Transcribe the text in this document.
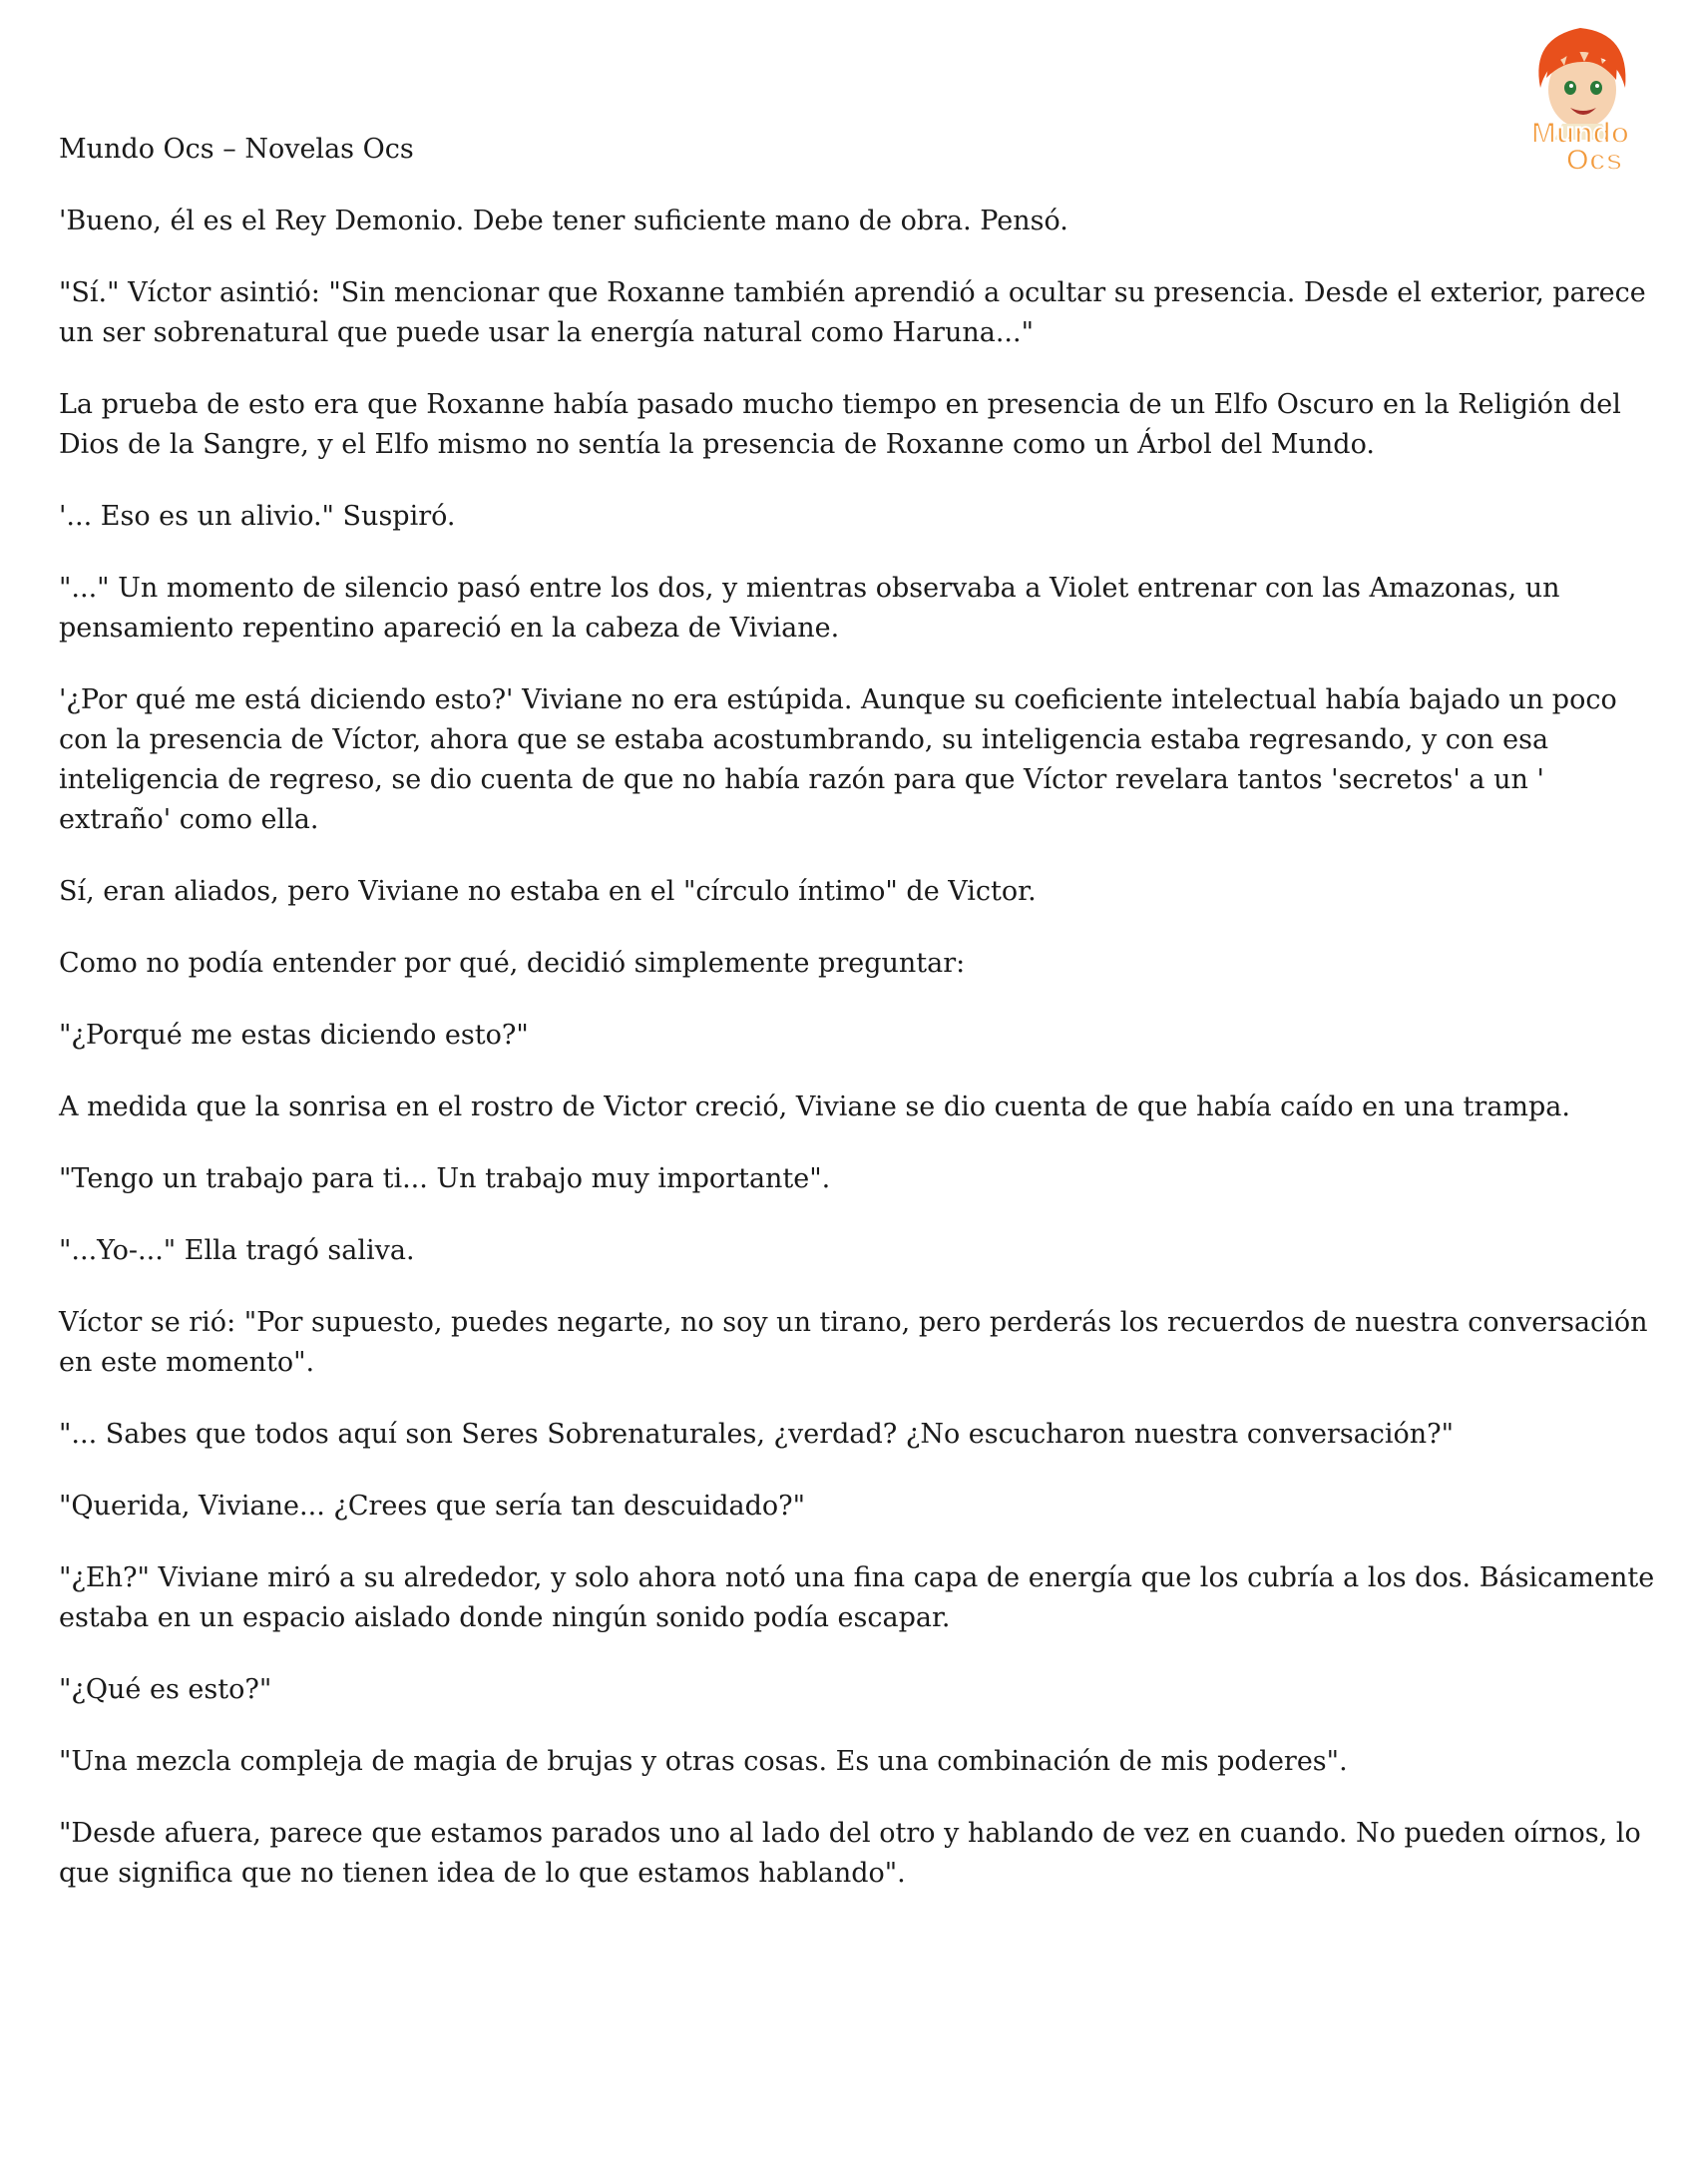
Mundo
Ocs
Mundo Ocs – Novelas Ocs

'Bueno, él es el Rey Demonio. Debe tener suficiente mano de obra. Pensó.

"Sí." Víctor asintió: "Sin mencionar que Roxanne también aprendió a ocultar su presencia. Desde el exterior, parece un ser sobrenatural que puede usar la energía natural como Haruna..."

La prueba de esto era que Roxanne había pasado mucho tiempo en presencia de un Elfo Oscuro en la Religión del Dios de la Sangre, y el Elfo mismo no sentía la presencia de Roxanne como un Árbol del Mundo.

'... Eso es un alivio." Suspiró.

"..." Un momento de silencio pasó entre los dos, y mientras observaba a Violet entrenar con las Amazonas, un pensamiento repentino apareció en la cabeza de Viviane.

'¿Por qué me está diciendo esto?' Viviane no era estúpida. Aunque su coeficiente intelectual había bajado un poco con la presencia de Víctor, ahora que se estaba acostumbrando, su inteligencia estaba regresando, y con esa inteligencia de regreso, se dio cuenta de que no había razón para que Víctor revelara tantos 'secretos' a un ' extraño' como ella.

Sí, eran aliados, pero Viviane no estaba en el "círculo íntimo" de Victor.

Como no podía entender por qué, decidió simplemente preguntar:

"¿Porqué me estas diciendo esto?"

A medida que la sonrisa en el rostro de Victor creció, Viviane se dio cuenta de que había caído en una trampa.

"Tengo un trabajo para ti... Un trabajo muy importante".

"...Yo-..." Ella tragó saliva.

Víctor se rió: "Por supuesto, puedes negarte, no soy un tirano, pero perderás los recuerdos de nuestra conversación en este momento".

"... Sabes que todos aquí son Seres Sobrenaturales, ¿verdad? ¿No escucharon nuestra conversación?"

"Querida, Viviane... ¿Crees que sería tan descuidado?"

"¿Eh?" Viviane miró a su alrededor, y solo ahora notó una fina capa de energía que los cubría a los dos. Básicamente estaba en un espacio aislado donde ningún sonido podía escapar.

"¿Qué es esto?"

"Una mezcla compleja de magia de brujas y otras cosas. Es una combinación de mis poderes".

"Desde afuera, parece que estamos parados uno al lado del otro y hablando de vez en cuando. No pueden oírnos, lo que significa que no tienen idea de lo que estamos hablando".
